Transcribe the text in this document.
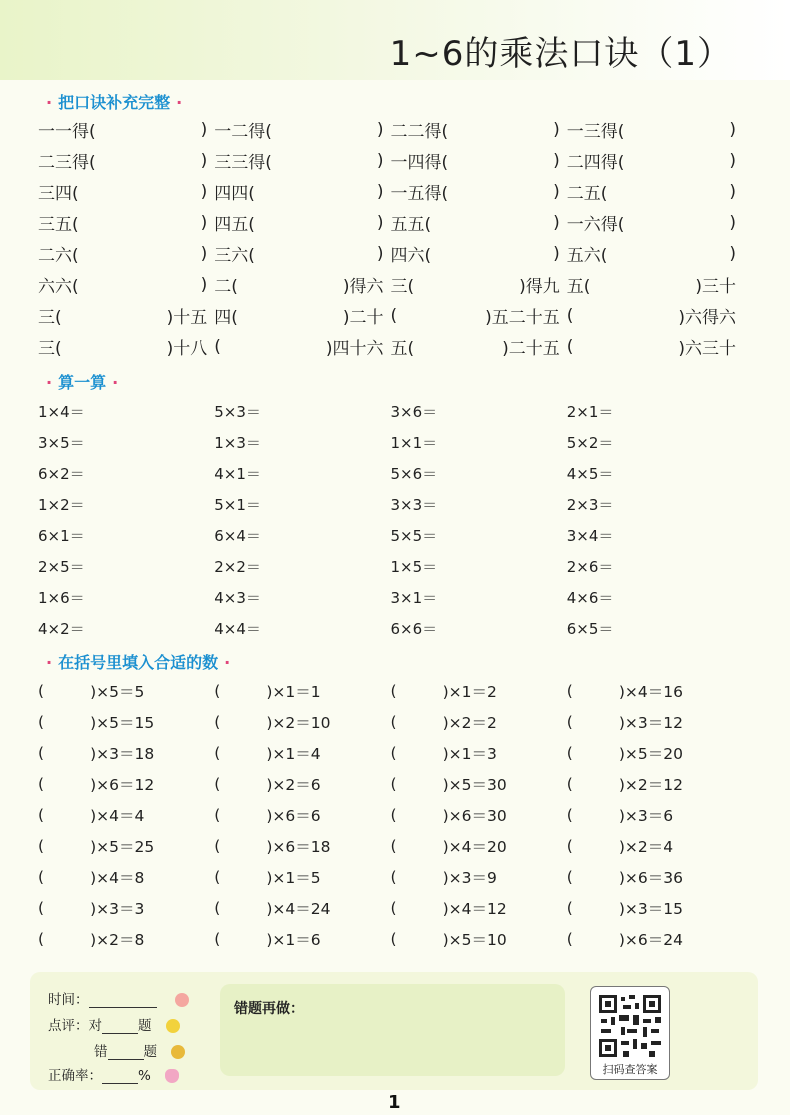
1~6的乘法口诀（1）
· 把口诀补充完整 ·
一一得(	) 一二得(	) 二二得(	) 一三得(	)
二三得(	) 三三得(	) 一四得(	) 二四得(	)
三四(	) 四四(	) 一五得(	) 二五(	)
三五(	) 四五(	) 五五(	) 一六得(	)
二六(	) 三六(	) 四六(	) 五六(	)
六六(	) 二(	)得六 三(	)得九 五(	)三十
三(	)十五 四(	)二十 (	)五二十五 (	)六得六
三(	)十八 (	)四十六 五(	)二十五 (	)六三十
· 算一算 ·
1×4＝	5×3＝	3×6＝	2×1＝
3×5＝	1×3＝	1×1＝	5×2＝
6×2＝	4×1＝	5×6＝	4×5＝
1×2＝	5×1＝	3×3＝	2×3＝
6×1＝	6×4＝	5×5＝	3×4＝
2×5＝	2×2＝	1×5＝	2×6＝
1×6＝	4×3＝	3×1＝	4×6＝
4×2＝	4×4＝	6×6＝	6×5＝
· 在括号里填入合适的数 ·
(	)×5＝5	(	)×1＝1	(	)×1＝2	(	)×4＝16
(	)×5＝15	(	)×2＝10	(	)×2＝2	(	)×3＝12
(	)×3＝18	(	)×1＝4	(	)×1＝3	(	)×5＝20
(	)×6＝12	(	)×2＝6	(	)×5＝30	(	)×2＝12
(	)×4＝4	(	)×6＝6	(	)×6＝30	(	)×3＝6
(	)×5＝25	(	)×6＝18	(	)×4＝20	(	)×2＝4
(	)×4＝8	(	)×1＝5	(	)×3＝9	(	)×6＝36
(	)×3＝3	(	)×4＝24	(	)×4＝12	(	)×3＝15
(	)×2＝8	(	)×1＝6	(	)×5＝10	(	)×6＝24
时间：
点评：对	题
错	题
正确率：	%
错题再做：
扫码查答案
1
